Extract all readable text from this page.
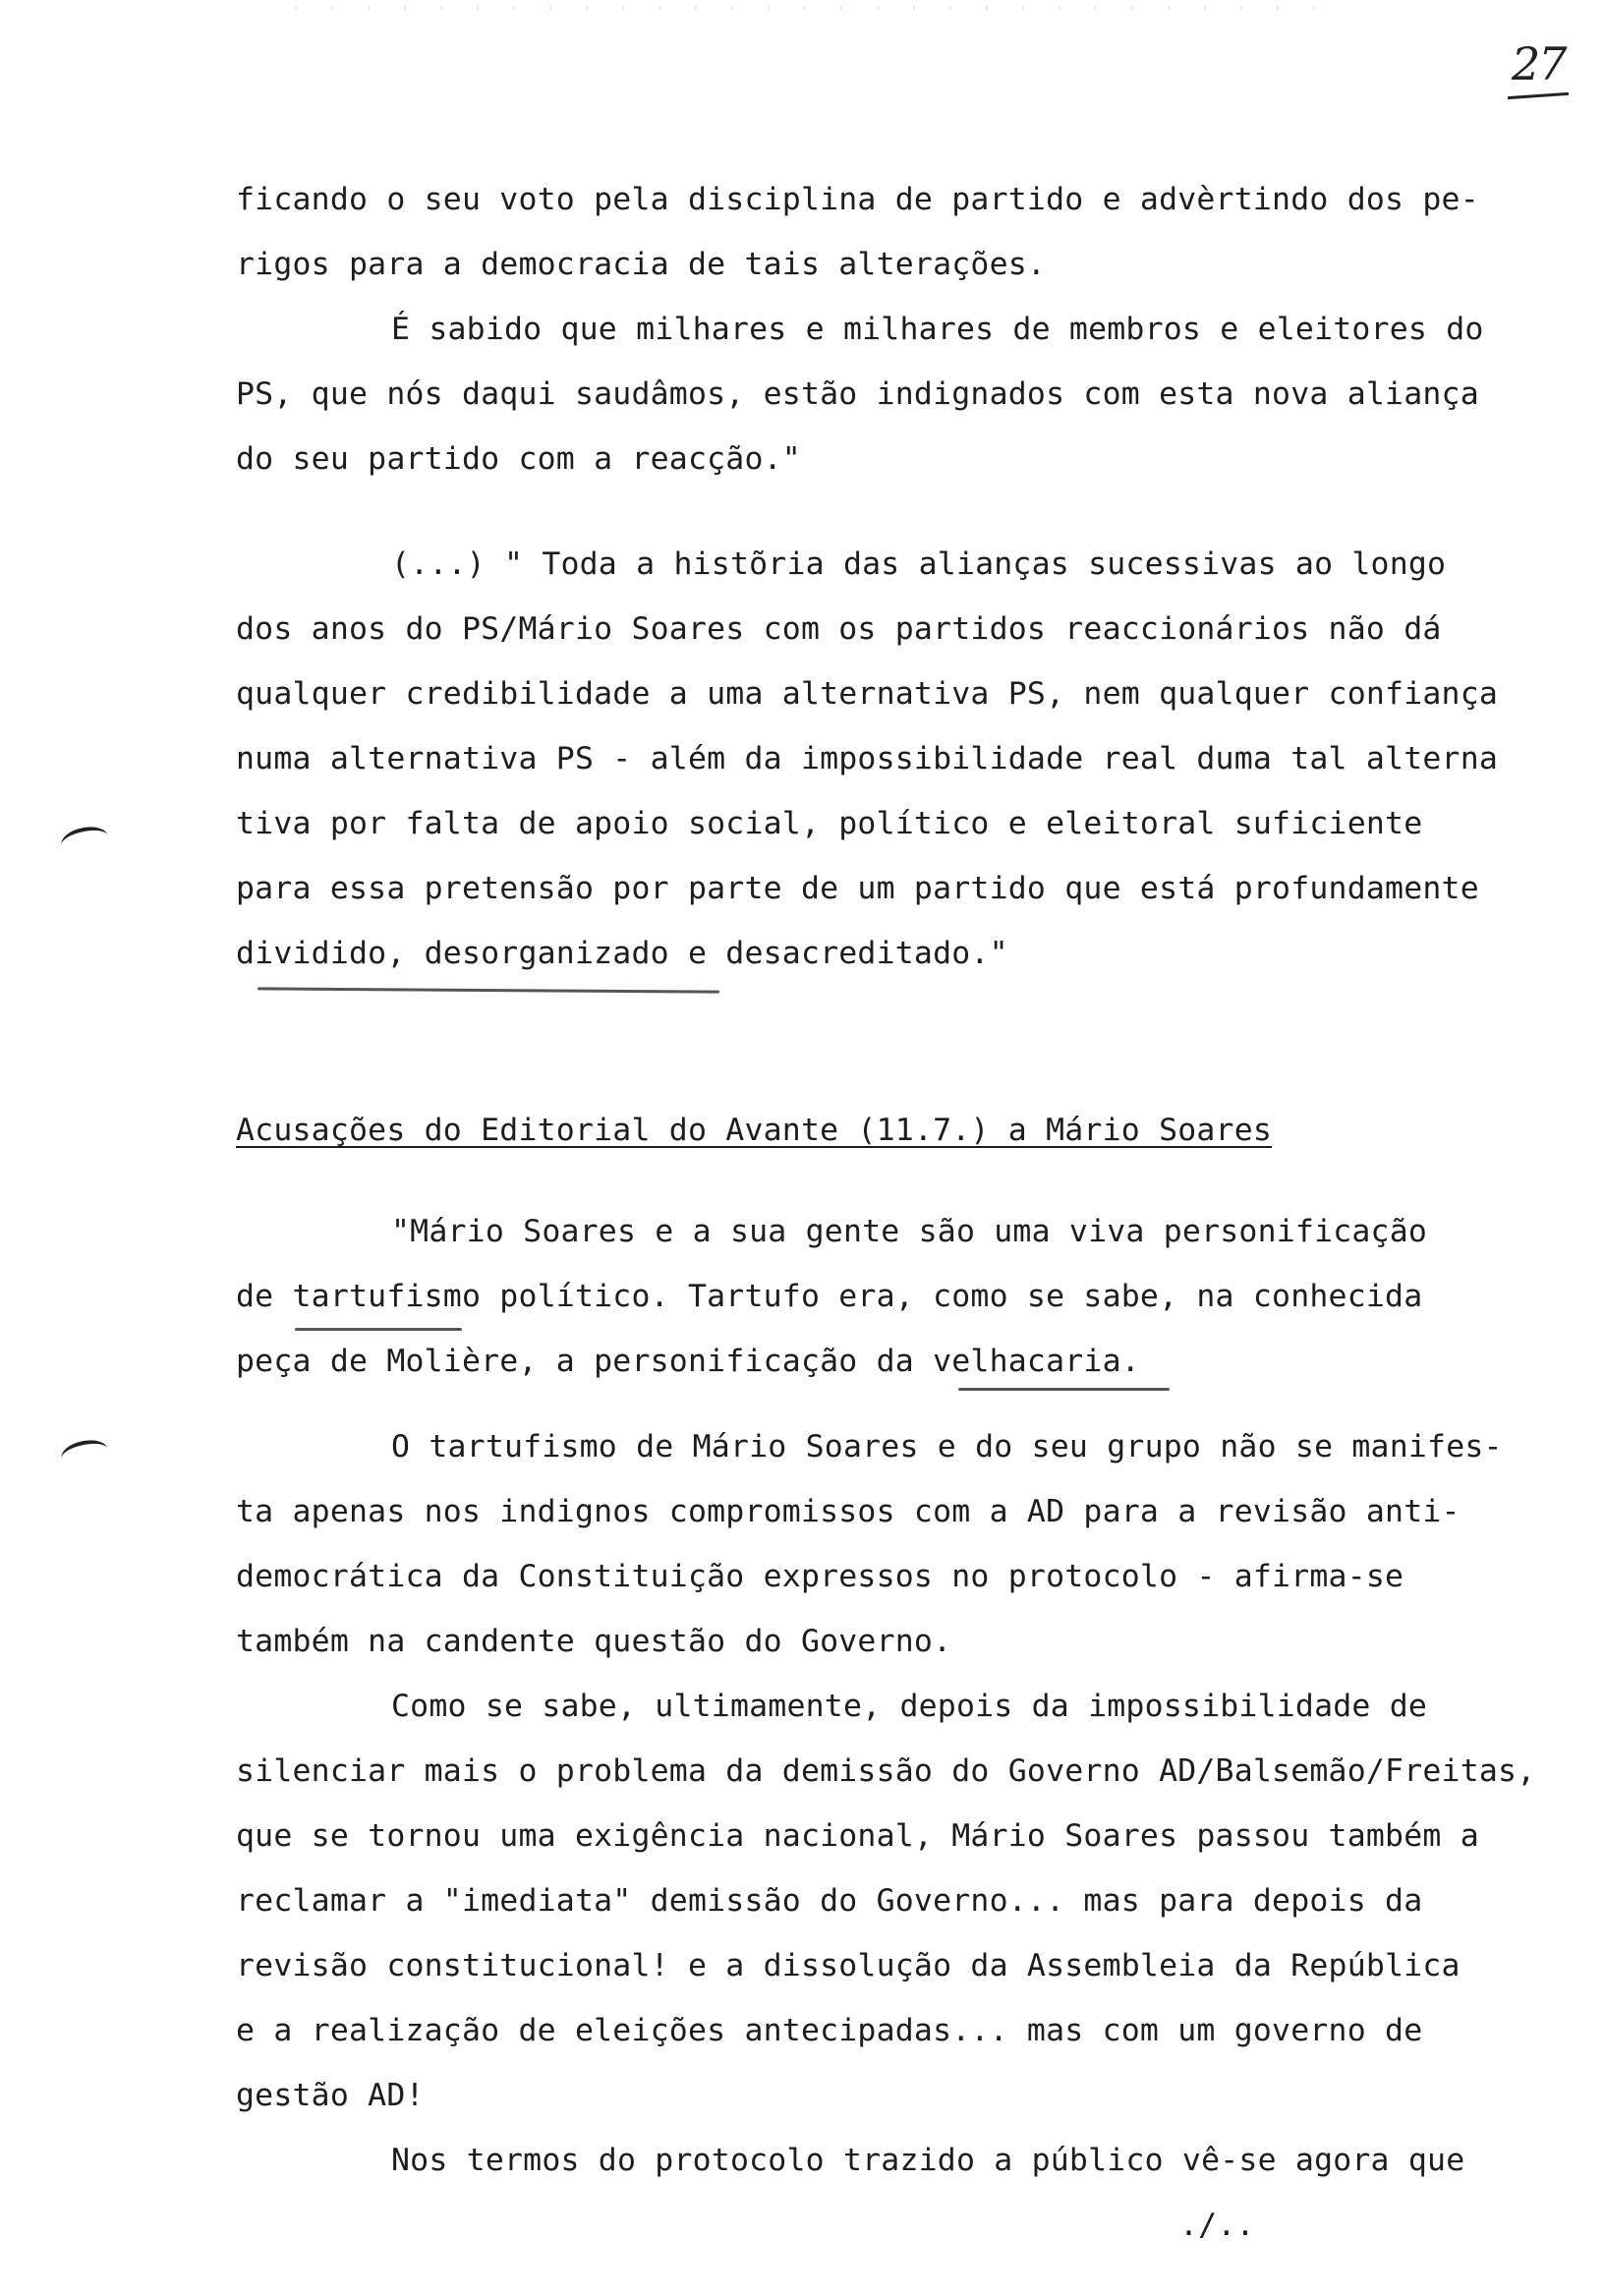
27
ficando o seu voto pela disciplina de partido e advèrtindo dos pe-
rigos para a democracia de tais alterações.
É sabido que milhares e milhares de membros e eleitores do
PS, que nós daqui saudâmos, estão indignados com esta nova aliança
do seu partido com a reacção."
(...) " Toda a histõria das alianças sucessivas ao longo
dos anos do PS/Mário Soares com os partidos reaccionários não dá
qualquer credibilidade a uma alternativa PS, nem qualquer confiança
numa alternativa PS - além da impossibilidade real duma tal alterna
tiva por falta de apoio social, político e eleitoral suficiente
para essa pretensão por parte de um partido que está profundamente
dividido, desorganizado e desacreditado."
Acusações do Editorial do Avante (11.7.) a Mário Soares
"Mário Soares e a sua gente são uma viva personificação
de tartufismo político. Tartufo era, como se sabe, na conhecida
peça de Molière, a personificação da velhacaria.
O tartufismo de Mário Soares e do seu grupo não se manifes-
ta apenas nos indignos compromissos com a AD para a revisão anti-
democrática da Constituição expressos no protocolo - afirma-se
também na candente questão do Governo.
Como se sabe, ultimamente, depois da impossibilidade de
silenciar mais o problema da demissão do Governo AD/Balsemão/Freitas,
que se tornou uma exigência nacional, Mário Soares passou também a
reclamar a "imediata" demissão do Governo... mas para depois da
revisão constitucional! e a dissolução da Assembleia da República
e a realização de eleições antecipadas... mas com um governo de
gestão AD!
Nos termos do protocolo trazido a público vê-se agora que
./..
